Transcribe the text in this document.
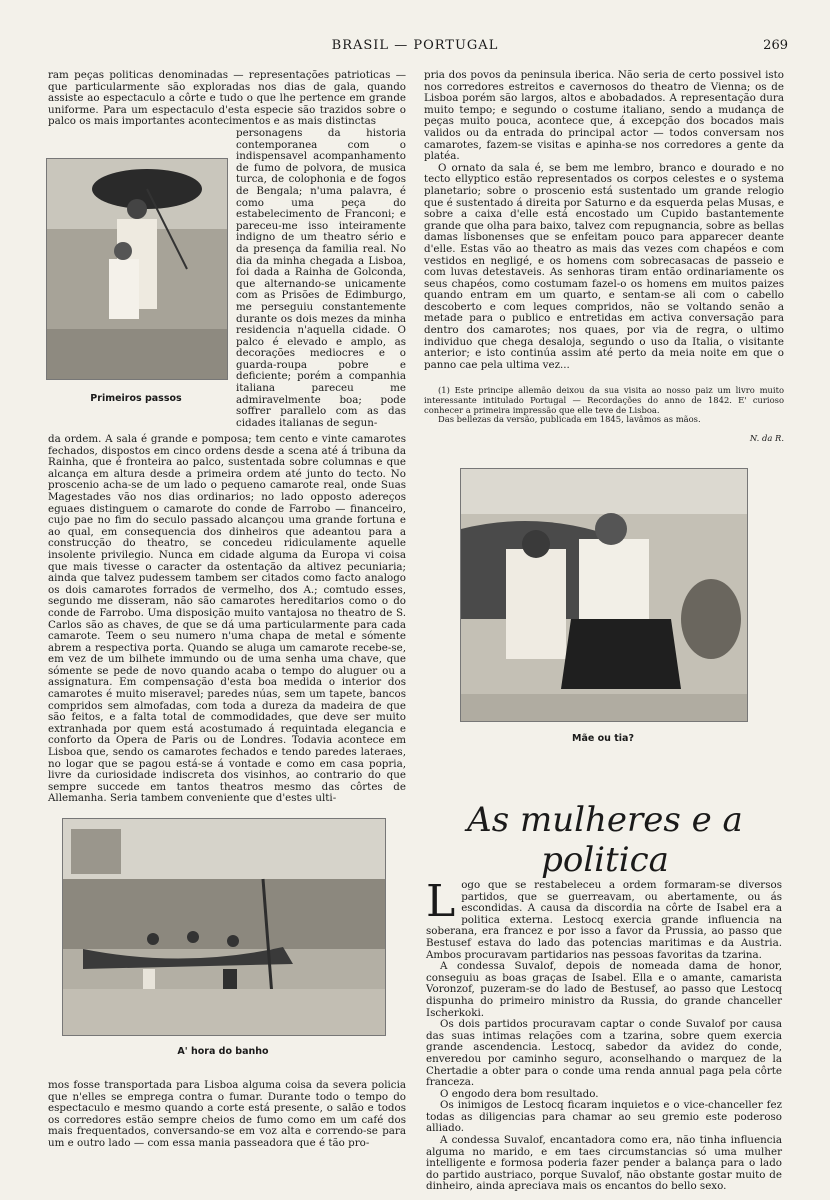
BRASIL — PORTUGAL	269

ram peças politicas denominadas — representações patrioticas — que particularmente são exploradas nos dias de gala, quando assiste ao espectaculo a côrte e tudo o que lhe pertence em grande uniforme. Para um espectaculo d'esta especie são trazidos sobre o palco os mais importantes acontecimentos e as mais distinctas

Primeiros passos

personagens da historia contemporanea com o indispensavel acompanhamento de fumo de polvora, de musica turca, de colophonia e de fogos de Bengala; n'uma palavra, é como uma peça do estabelecimento de Franconi; e pareceu-me isso inteiramente indigno de um theatro sério e da presença da familia real. No dia da minha chegada a Lisboa, foi dada a Rainha de Golconda, que alternando-se unicamente com as Prisões de Edimburgo, me perseguiu constantemente durante os dois mezes da minha residencia n'aquella cidade. O palco é elevado e amplo, as decorações mediocres e o guarda-roupa pobre e deficiente; porém a companhia italiana pareceu me admiravelmente boa; pode soffrer parallelo com as das cidades italianas de segun-

da ordem. A sala é grande e pomposa; tem cento e vinte camarotes fechados, dispostos em cinco ordens desde a scena até á tribuna da Rainha, que é fronteira ao palco, sustentada sobre columnas e que alcança em altura desde a primeira ordem até junto do tecto. No proscenio acha-se de um lado o pequeno camarote real, onde Suas Magestades vão nos dias ordinarios; no lado opposto adereços eguaes distinguem o camarote do conde de Farrobo — financeiro, cujo pae no fim do seculo passado alcançou uma grande fortuna e ao qual, em consequencia dos dinheiros que adeantou para a construcção do theatro, se concedeu ridiculamente aquelle insolente privilegio. Nunca em cidade alguma da Europa vi coisa que mais tivesse o caracter da ostentação da altivez pecuniaria; ainda que talvez pudessem tambem ser citados como facto analogo os dois camarotes forrados de vermelho, dos A.; comtudo esses, segundo me disseram, não são camarotes hereditarios como o do conde de Farrobo. Uma disposição muito vantajosa no theatro de S. Carlos são as chaves, de que se dá uma particularmente para cada camarote. Teem o seu numero n'uma chapa de metal e sómente abrem a respectiva porta. Quando se aluga um camarote recebe-se, em vez de um bilhete immundo ou de uma senha uma chave, que sómente se pede de novo quando acaba o tempo do aluguer ou a assignatura. Em compensação d'esta boa medida o interior dos camarotes é muito miseravel; paredes núas, sem um tapete, bancos compridos sem almofadas, com toda a dureza da madeira de que são feitos, e a falta total de commodidades, que deve ser muito extranhada por quem está acostumado á requintada elegancia e conforto da Opera de Paris ou de Londres. Todavia acontece em Lisboa que, sendo os camarotes fechados e tendo paredes lateraes, no logar que se pagou está-se á vontade e como em casa popria, livre da curiosidade indiscreta dos visinhos, ao contrario do que sempre succede em tantos theatros mesmo das côrtes de Allemanha. Seria tambem conveniente que d'estes ulti-

A' hora do banho

mos fosse transportada para Lisboa alguma coisa da severa policia que n'elles se emprega contra o fumar. Durante todo o tempo do espectaculo e mesmo quando a corte está presente, o salão e todos os corredores estão sempre cheios de fumo como em um café dos mais frequentados, conversando-se em voz alta e correndo-se para um e outro lado — com essa mania passeadora que é tão pro-

pria dos povos da peninsula iberica. Não seria de certo possivel isto nos corredores estreitos e cavernosos do theatro de Vienna; os de Lisboa porém são largos, altos e abobadados. A representação dura muito tempo; e segundo o costume italiano, sendo a mudança de peças muito pouca, acontece que, á excepção dos bocados mais validos ou da entrada do principal actor — todos conversam nos camarotes, fazem-se visitas e apinha-se nos corredores a gente da platéa.

O ornato da sala é, se bem me lembro, branco e dourado e no tecto ellyptico estão representados os corpos celestes e o systema planetario; sobre o proscenio está sustentado um grande relogio que é sustentado á direita por Saturno e da esquerda pelas Musas, e sobre a caixa d'elle está encostado um Cupido bastantemente grande que olha para baixo, talvez com repugnancia, sobre as bellas damas lisbonenses que se enfeitam pouco para apparecer deante d'elle. Estas vão ao theatro as mais das vezes com chapéos e com vestidos en negligé, e os homens com sobrecasacas de passeio e com luvas detestaveis. As senhoras tiram então ordinariamente os seus chapéos, como costumam fazel-o os homens em muitos paizes quando entram em um quarto, e sentam-se ali com o cabello descoberto e com leques compridos, não se voltando senão a metade para o publico e entretidas em activa conversação para dentro dos camarotes; nos quaes, por via de regra, o ultimo individuo que chega desaloja, segundo o uso da Italia, o visitante anterior; e isto continúa assim até perto da meia noite em que o panno cae pela ultima vez...

(1) Este principe allemão deixou da sua visita ao nosso paiz um livro muito interessante intitulado Portugal — Recordações do anno de 1842. E' curioso conhecer a primeira impressão que elle teve de Lisboa.

Das bellezas da versão, publicada em 1845, lavâmos as mãos.

N. da R.
Mãe ou tia?
As mulheres e a politica
L ogo que se restabeleceu a ordem formaram-se diversos partidos, que se guerreavam, ou abertamente, ou ás escondidas. A causa da discordia na côrte de Isabel era a politica externa. Lestocq exercia grande influencia na soberana, era francez e por isso a favor da Prussia, ao passo que Bestusef estava do lado das potencias maritimas e da Austria. Ambos procuravam partidarios nas pessoas favoritas da tzarina.

A condessa Suvalof, depois de nomeada dama de honor, conseguiu as boas graças de Isabel. Ella e o amante, camarista Voronzof, puzeram-se do lado de Bestusef, ao passo que Lestocq dispunha do primeiro ministro da Russia, do grande chanceller Ischerkoki.

Os dois partidos procuravam captar o conde Suvalof por causa das suas intimas relações com a tzarina, sobre quem exercia grande ascendencia. Lestocq, sabedor da avidez do conde, enveredou por caminho seguro, aconselhando o marquez de la Chertadie a obter para o conde uma renda annual paga pela côrte franceza.

O engodo dera bom resultado.

Os inimigos de Lestocq ficaram inquietos e o vice-chanceller fez todas as diligencias para chamar ao seu gremio este poderoso alliado.

A condessa Suvalof, encantadora como era, não tinha influencia alguma no marido, e em taes circumstancias só uma mulher intelligente e formosa poderia fazer pender a balança para o lado do partido austriaco, porque Suvalof, não obstante gostar muito de dinheiro, ainda apreciava mais os encantos do bello sexo.
